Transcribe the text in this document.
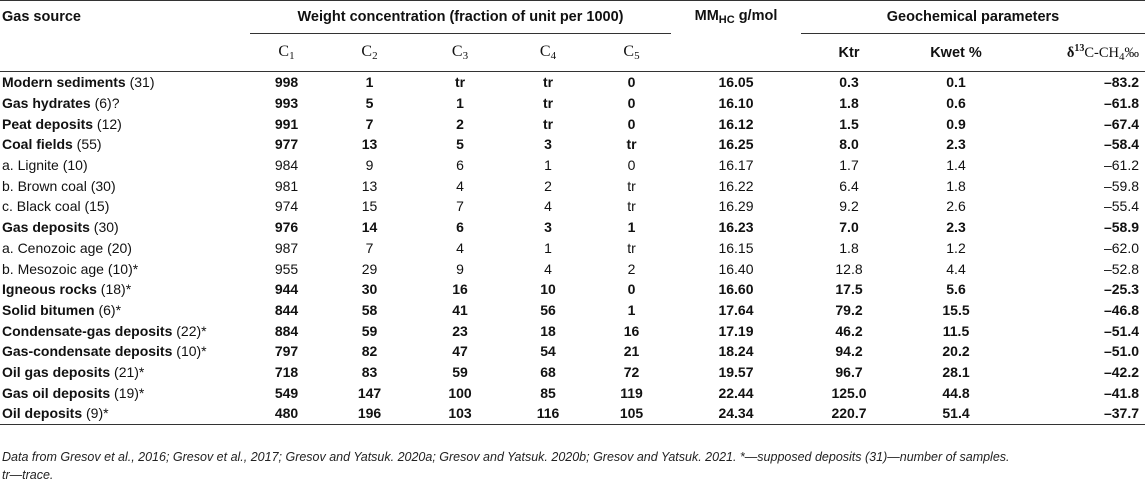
Gas source	Weight concentration (fraction of unit per 1000)					$MM_{HC}$ g/mol	Geochemical parameters		
	$C_1$	$C_2$	$C_3$	$C_4$	$C_5$		Ktr	Kwet %	$\delta^{13}C-CH_4‰$
Modern sediments (31)	998	1	tr	tr	0	16.05	0.3	0.1	–83.2
Gas hydrates (6)?	993	5	1	tr	0	16.10	1.8	0.6	–61.8
Peat deposits (12)	991	7	2	tr	0	16.12	1.5	0.9	–67.4
Coal fields (55)	977	13	5	3	tr	16.25	8.0	2.3	–58.4
a. Lignite (10)	984	9	6	1	0	16.17	1.7	1.4	–61.2
b. Brown coal (30)	981	13	4	2	tr	16.22	6.4	1.8	–59.8
c. Black coal (15)	974	15	7	4	tr	16.29	9.2	2.6	–55.4
Gas deposits (30)	976	14	6	3	1	16.23	7.0	2.3	–58.9
a. Cenozoic age (20)	987	7	4	1	tr	16.15	1.8	1.2	–62.0
b. Mesozoic age (10)*	955	29	9	4	2	16.40	12.8	4.4	–52.8
Igneous rocks (18)*	944	30	16	10	0	16.60	17.5	5.6	–25.3
Solid bitumen (6)*	844	58	41	56	1	17.64	79.2	15.5	–46.8
Condensate-gas deposits (22)*	884	59	23	18	16	17.19	46.2	11.5	–51.4
Gas-condensate deposits (10)*	797	82	47	54	21	18.24	94.2	20.2	–51.0
Oil gas deposits (21)*	718	83	59	68	72	19.57	96.7	28.1	–42.2
Gas oil deposits (19)*	549	147	100	85	119	22.44	125.0	44.8	–41.8
Oil deposits (9)*	480	196	103	116	105	24.34	220.7	51.4	–37.7
Data from Gresov et al., 2016; Gresov et al., 2017; Gresov and Yatsuk. 2020a; Gresov and Yatsuk. 2020b; Gresov and Yatsuk. 2021. *—supposed deposits (31)—number of samples.
tr—trace.
